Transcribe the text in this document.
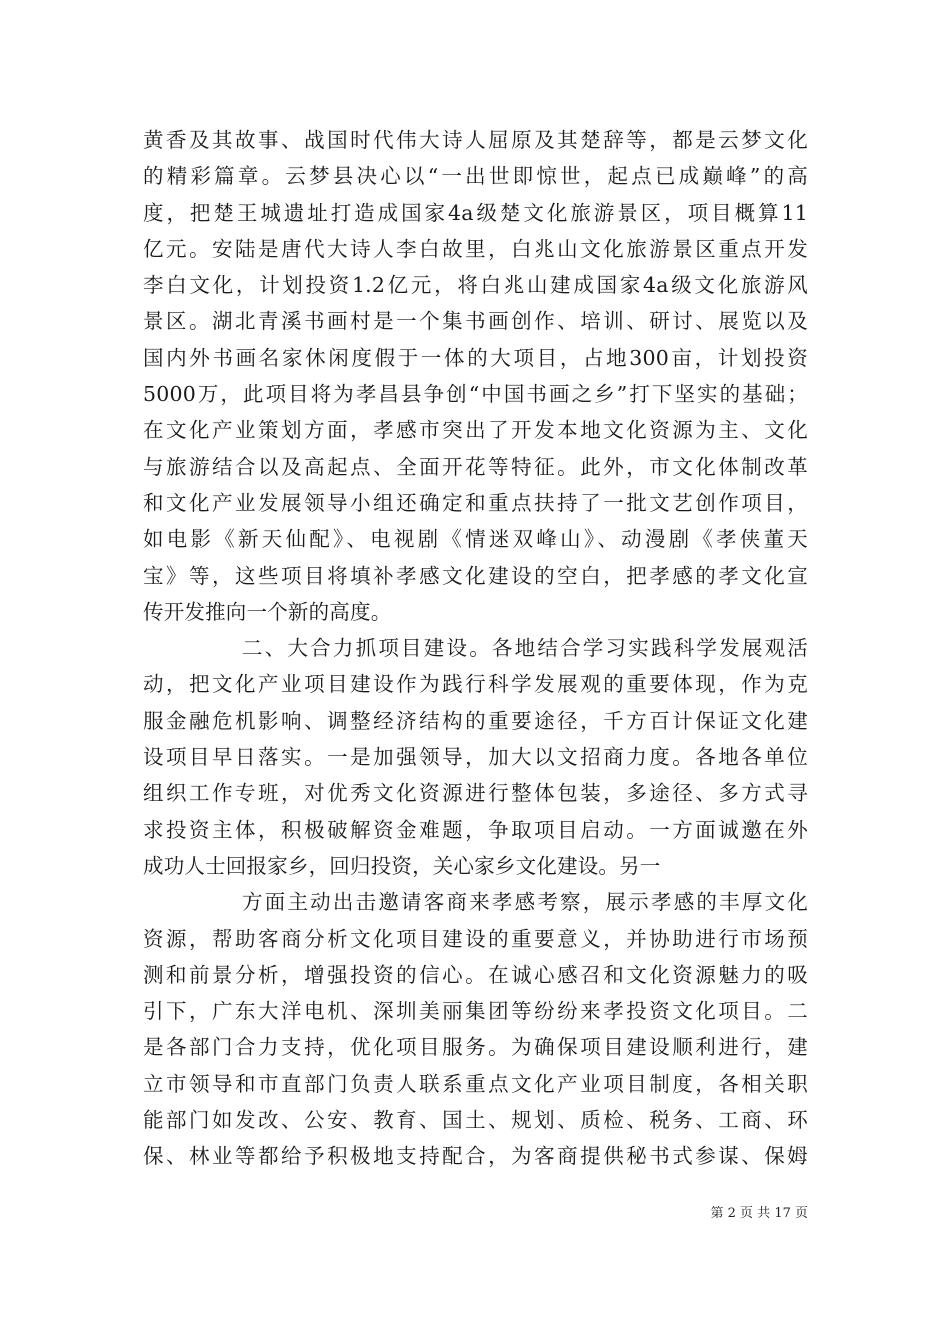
黄香及其故事、战国时代伟大诗人屈原及其楚辞等，都是云梦文化
的精彩篇章。云梦县决心以“一出世即惊世，起点已成巅峰”的高
度，把楚王城遗址打造成国家4a级楚文化旅游景区，项目概算11
亿元。安陆是唐代大诗人李白故里，白兆山文化旅游景区重点开发
李白文化，计划投资1.2亿元，将白兆山建成国家4a级文化旅游风
景区。湖北青溪书画村是一个集书画创作、培训、研讨、展览以及
国内外书画名家休闲度假于一体的大项目，占地300亩，计划投资
5000万，此项目将为孝昌县争创“中国书画之乡”打下坚实的基础；
在文化产业策划方面，孝感市突出了开发本地文化资源为主、文化
与旅游结合以及高起点、全面开花等特征。此外，市文化体制改革
和文化产业发展领导小组还确定和重点扶持了一批文艺创作项目，
如电影《新天仙配》、电视剧《情迷双峰山》、动漫剧《孝侠董天
宝》等，这些项目将填补孝感文化建设的空白，把孝感的孝文化宣
传开发推向一个新的高度。
二、大合力抓项目建设。各地结合学习实践科学发展观活
动，把文化产业项目建设作为践行科学发展观的重要体现，作为克
服金融危机影响、调整经济结构的重要途径，千方百计保证文化建
设项目早日落实。一是加强领导，加大以文招商力度。各地各单位
组织工作专班，对优秀文化资源进行整体包装，多途径、多方式寻
求投资主体，积极破解资金难题，争取项目启动。一方面诚邀在外
成功人士回报家乡，回归投资，关心家乡文化建设。另一
方面主动出击邀请客商来孝感考察，展示孝感的丰厚文化
资源，帮助客商分析文化项目建设的重要意义，并协助进行市场预
测和前景分析，增强投资的信心。在诚心感召和文化资源魅力的吸
引下，广东大洋电机、深圳美丽集团等纷纷来孝投资文化项目。二
是各部门合力支持，优化项目服务。为确保项目建设顺利进行，建
立市领导和市直部门负责人联系重点文化产业项目制度，各相关职
能部门如发改、公安、教育、国土、规划、质检、税务、工商、环
保、林业等都给予积极地支持配合，为客商提供秘书式参谋、保姆
第 2 页 共 17 页
